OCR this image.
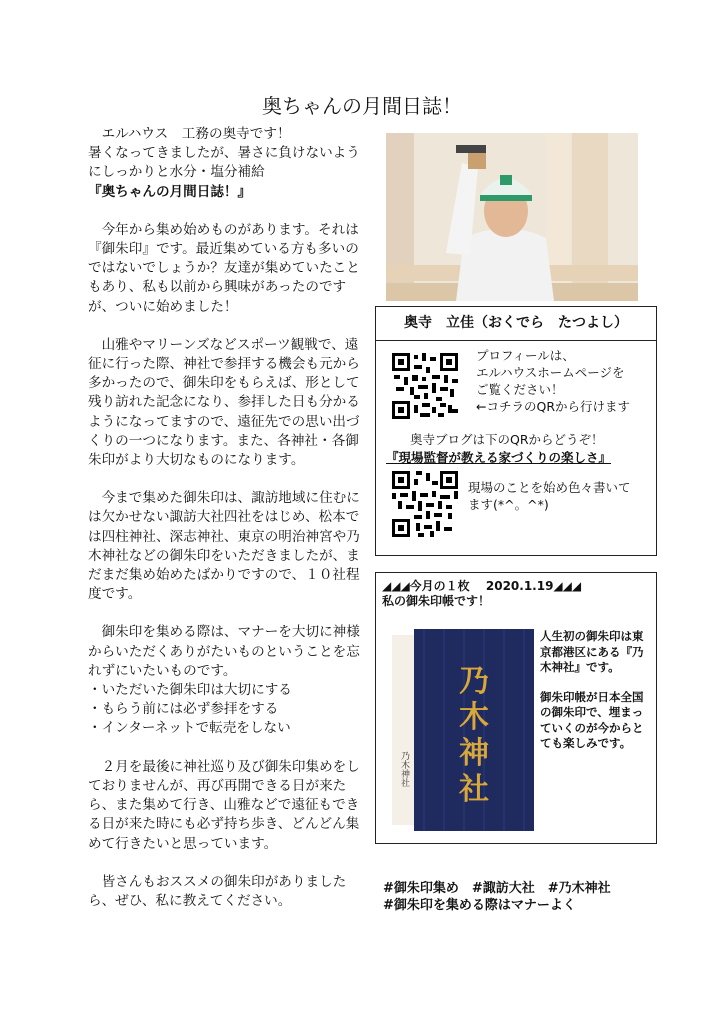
奥ちゃんの月間日誌！

　エルハウス　工務の奥寺です！
暑くなってきましたが、暑さに負けないようにしっかりと水分・塩分補給
『奥ちゃんの月間日誌！』

　今年から集め始めものがあります。それは『御朱印』です。最近集めている方も多いのではないでしょうか？友達が集めていたこともあり、私も以前から興味があったのですが、ついに始めました！

　山雅やマリーンズなどスポーツ観戦で、遠征に行った際、神社で参拝する機会も元から多かったので、御朱印をもらえば、形として残り訪れた記念になり、参拝した日も分かるようになってますので、遠征先での思い出づくりの一つになります。また、各神社・各御朱印がより大切なものになります。

　今まで集めた御朱印は、諏訪地域に住むには欠かせない諏訪大社四社をはじめ、松本では四柱神社、深志神社、東京の明治神宮や乃木神社などの御朱印をいただきましたが、まだまだ集め始めたばかりですので、１０社程度です。

　御朱印を集める際は、マナーを大切に神様からいただくありがたいものということを忘れずにいたいものです。
・いただいた御朱印は大切にする
・もらう前には必ず参拝をする
・インターネットで転売をしない

　２月を最後に神社巡り及び御朱印集めをしておりませんが、再び再開できる日が来たら、また集めて行き、山雅などで遠征もできる日が来た時にも必ず持ち歩き、どんどん集めて行きたいと思っています。

　皆さんもおススメの御朱印がありましたら、ぜひ、私に教えてください。

奥寺　立佳（おくでら　たつよし）
プロフィールは、
エルハウスホームページを
ご覧ください！
←コチラのQRから行けます
奥寺ブログは下のQRからどうぞ！
『現場監督が教える家づくりの楽しさ』
現場のことを始め色々書いて
ます(*^。^*)
◢◢◢今月の１枚　 2020.1.19◢◢◢
私の御朱印帳です！
乃
木
神
社
乃木神社

人生初の御朱印は東京都港区にある『乃木神社』です。

御朱印帳が日本全国の御朱印で、埋まっていくのが今からとても楽しみです。

#御朱印集め　#諏訪大社　#乃木神社
#御朱印を集める際はマナーよく
